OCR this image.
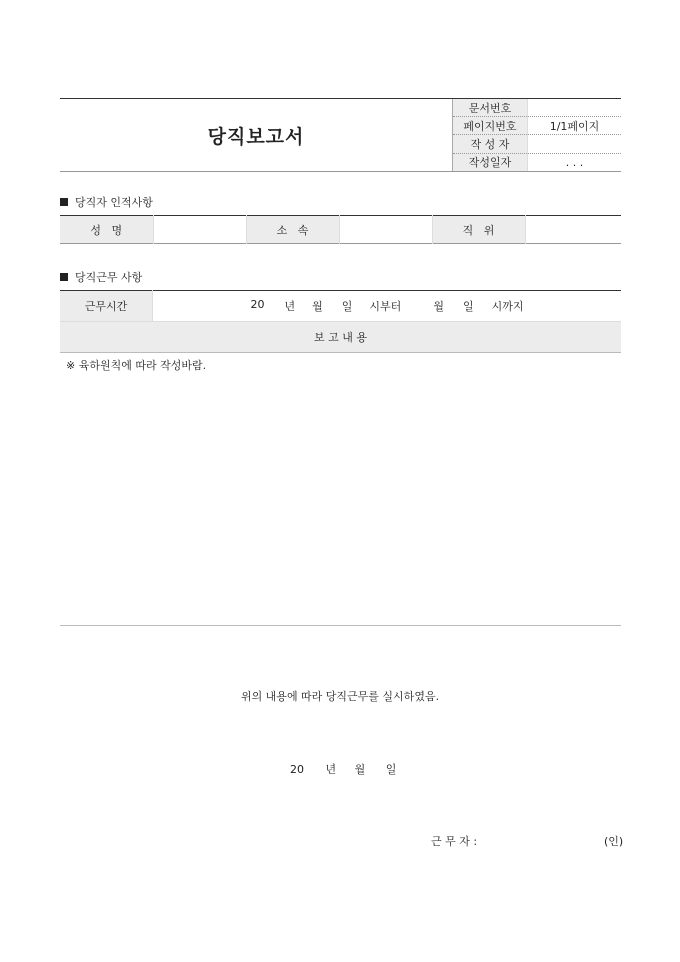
당직보고서
문서번호	
페이지번호	1/1페이지
작 성 자	
작성일자	. . .
당직자 인적사항
성   명		소   속		직   위	
당직근무 사항
근무시간	20 년 월 일 시부터	월 일 시까지

보 고 내 용
※ 육하원칙에 따라 작성바람.
위의 내용에 따라 당직근무를 실시하였음.
20 년 월 일
근 무 자 :	(인)
